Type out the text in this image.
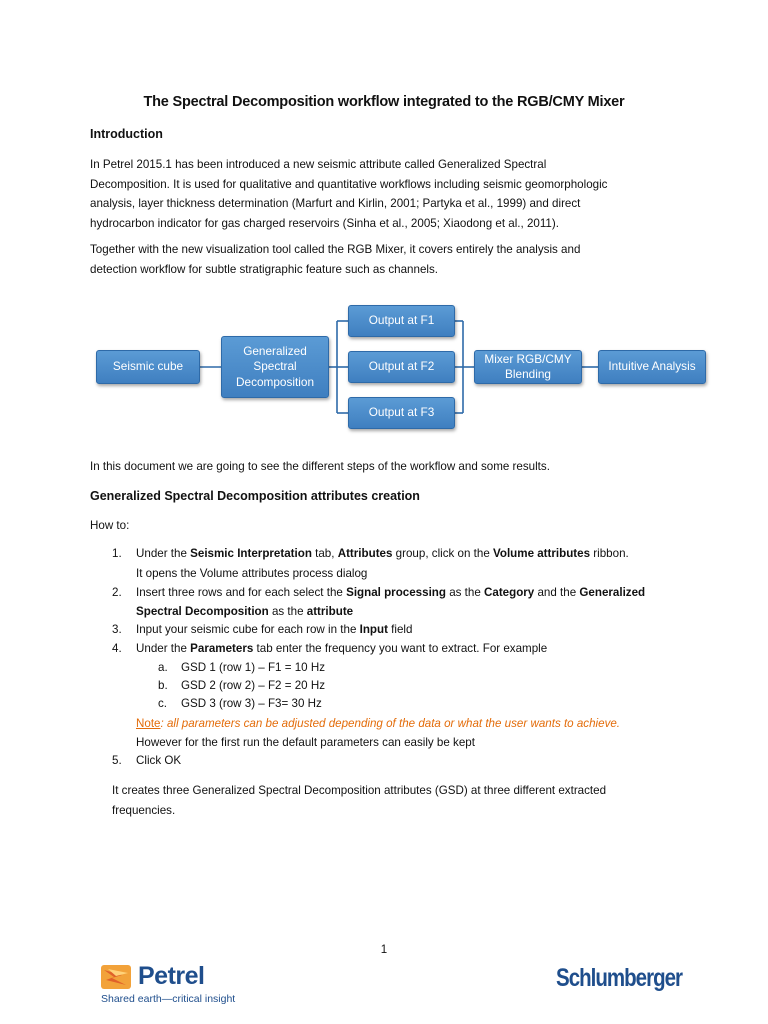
The Spectral Decomposition workflow integrated to the RGB/CMY Mixer
Introduction
In Petrel 2015.1 has been introduced a new seismic attribute called Generalized Spectral
Decomposition. It is used for qualitative and quantitative workflows including seismic geomorphologic
analysis, layer thickness determination (Marfurt and Kirlin, 2001; Partyka et al., 1999) and direct
hydrocarbon indicator for gas charged reservoirs (Sinha et al., 2005; Xiaodong et al., 2011).
Together with the new visualization tool called the RGB Mixer, it covers entirely the analysis and
detection workflow for subtle stratigraphic feature such as channels.
Seismic cube
Generalized Spectral Decomposition
Output at F1
Output at F2
Output at F3
Mixer RGB/CMY Blending
Intuitive Analysis
In this document we are going to see the different steps of the workflow and some results.
Generalized Spectral Decomposition attributes creation
How to:
1. Under the Seismic Interpretation tab, Attributes group, click on the Volume attributes ribbon.
It opens the Volume attributes process dialog
2. Insert three rows and for each select the Signal processing as the Category and the Generalized
Spectral Decomposition as the attribute
3. Input your seismic cube for each row in the Input field
4. Under the Parameters tab enter the frequency you want to extract. For example
a. GSD 1 (row 1) – F1 = 10 Hz
b. GSD 2 (row 2) – F2 = 20 Hz
c. GSD 3 (row 3) – F3= 30 Hz
Note: all parameters can be adjusted depending of the data or what the user wants to achieve.
However for the first run the default parameters can easily be kept
5. Click OK
It creates three Generalized Spectral Decomposition attributes (GSD) at three different extracted
frequencies.
1
Petrel
Shared earth—critical insight
Schlumberger
